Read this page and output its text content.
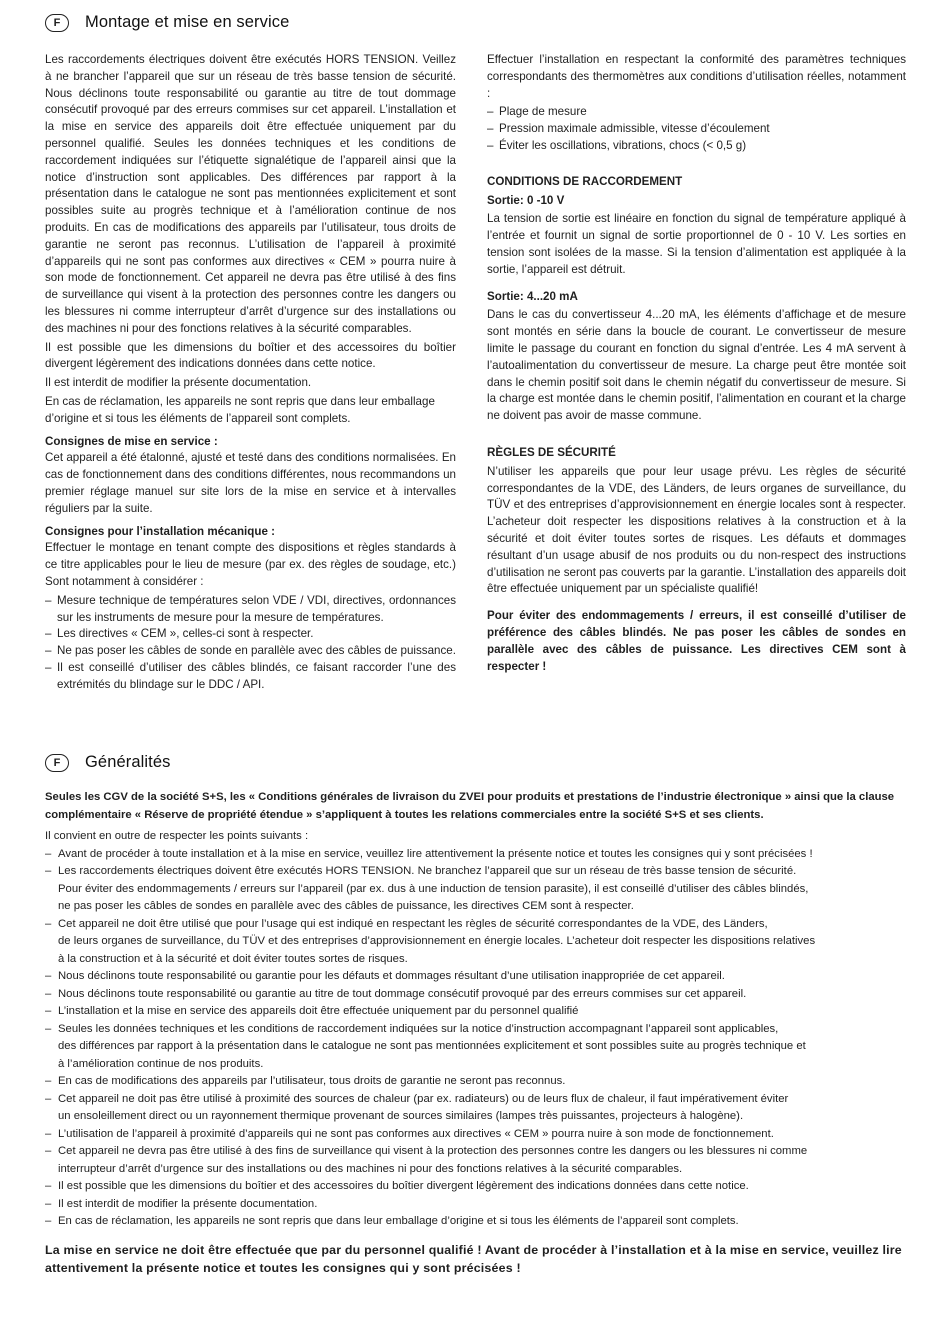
F	Montage et mise en service

Les raccordements électriques doivent être exécutés HORS TENSION. Veillez à ne brancher l’appareil que sur un réseau de très basse tension de sécurité. Nous déclinons toute responsabilité ou garantie au titre de tout dommage consécutif provoqué par des erreurs commises sur cet appareil. L’installation et la mise en service des appareils doit être effectuée uniquement par du personnel qualifié. Seules les données techniques et les conditions de raccordement indiquées sur l’étiquette signalétique de l’appareil ainsi que la notice d’instruction sont applicables. Des différences par rapport à la présentation dans le catalogue ne sont pas mentionnées explicitement et sont possibles suite au progrès technique et à l’amélioration continue de nos produits. En cas de modifications des appareils par l’utilisateur, tous droits de garantie ne seront pas reconnus. L’utilisation de l’appareil à proximité d’appareils qui ne sont pas conformes aux directives « CEM » pourra nuire à son mode de fonctionnement. Cet appareil ne devra pas être utilisé à des fins de surveillance qui visent à la protection des personnes contre les dangers ou les blessures ni comme interrupteur d’arrêt d’urgence sur des installations ou des machines ni pour des fonctions relatives à la sécurité comparables.

Il est possible que les dimensions du boîtier et des accessoires du boîtier divergent légèrement des indications données dans cette notice.

Il est interdit de modifier la présente documentation.

En cas de réclamation, les appareils ne sont repris que dans leur emballage d’origine et si tous les éléments de l’appareil sont complets.

Consignes de mise en service :

Cet appareil a été étalonné, ajusté et testé dans des conditions normalisées. En cas de fonctionnement dans des conditions différentes, nous recommandons un premier réglage manuel sur site lors de la mise en service et à intervalles réguliers par la suite.

Consignes pour l’installation mécanique :

Effectuer le montage en tenant compte des dispositions et règles standards à ce titre applicables pour le lieu de mesure (par ex. des règles de soudage, etc.) Sont notamment à considérer :

– Mesure technique de températures selon VDE / VDI, directives, ordonnances sur les instruments de mesure pour la mesure de températures.
– Les directives « CEM », celles-ci sont à respecter.
– Ne pas poser les câbles de sonde en parallèle avec des câbles de puissance.
– Il est conseillé d’utiliser des câbles blindés, ce faisant raccorder l’une des extrémités du blindage sur le DDC / API.

Effectuer l’installation en respectant la conformité des paramètres techniques correspondants des thermomètres aux conditions d’utilisation réelles, notamment :

– Plage de mesure
– Pression maximale admissible, vitesse d’écoulement
– Éviter les oscillations, vibrations, chocs (< 0,5 g)

CONDITIONS DE RACCORDEMENT

Sortie: 0 -10 V

La tension de sortie est linéaire en fonction du signal de température appliqué à l’entrée et fournit un signal de sortie proportionnel de 0 - 10 V. Les sorties en tension sont isolées de la masse. Si la tension d’alimentation est appliquée à la sortie, l’appareil est détruit.

Sortie: 4...20 mA

Dans le cas du convertisseur 4...20 mA, les éléments d’affichage et de mesure sont montés en série dans la boucle de courant. Le convertisseur de mesure limite le passage du courant en fonction du signal d’entrée. Les 4 mA servent à l’autoalimentation du convertisseur de mesure. La charge peut être montée soit dans le chemin positif soit dans le chemin négatif du convertisseur de mesure. Si la charge est montée dans le chemin positif, l’alimentation en courant et la charge ne doivent pas avoir de masse commune.

RÈGLES DE SÉCURITÉ

N’utiliser les appareils que pour leur usage prévu. Les règles de sécurité correspondantes de la VDE, des Länders, de leurs organes de surveillance, du TÜV et des entreprises d’approvisionnement en énergie locales sont à respecter. L’acheteur doit respecter les dispositions relatives à la construction et à la sécurité et doit éviter toutes sortes de risques. Les défauts et dommages résultant d’un usage abusif de nos produits ou du non-respect des instructions d’utilisation ne seront pas couverts par la garantie. L’installation des appareils doit être effectuée uniquement par un spécialiste qualifié!

Pour éviter des endommagements / erreurs, il est conseillé d’utiliser de préférence des câbles blindés. Ne pas poser les câbles de sondes en parallèle avec des câbles de puissance. Les directives CEM sont à respecter !

F	Généralités

Seules les CGV de la société S+S, les « Conditions générales de livraison du ZVEI pour produits et prestations de l’industrie électronique » ainsi que la clause complémentaire « Réserve de propriété étendue » s’appliquent à toutes les relations commerciales entre la société S+S et ses clients.

Il convient en outre de respecter les points suivants :

– Avant de procéder à toute installation et à la mise en service, veuillez lire attentivement la présente notice et toutes les consignes qui y sont précisées !
– Les raccordements électriques doivent être exécutés HORS TENSION. Ne branchez l’appareil que sur un réseau de très basse tension de sécurité.
Pour éviter des endommagements / erreurs sur l’appareil (par ex. dus à une induction de tension parasite), il est conseillé d’utiliser des câbles blindés,
ne pas poser les câbles de sondes en parallèle avec des câbles de puissance, les directives CEM sont à respecter.
– Cet appareil ne doit être utilisé que pour l’usage qui est indiqué en respectant les règles de sécurité correspondantes de la VDE, des Länders,
de leurs organes de surveillance, du TÜV et des entreprises d’approvisionnement en énergie locales. L’acheteur doit respecter les dispositions relatives
à la construction et à la sécurité et doit éviter toutes sortes de risques.
– Nous déclinons toute responsabilité ou garantie pour les défauts et dommages résultant d’une utilisation inappropriée de cet appareil.
– Nous déclinons toute responsabilité ou garantie au titre de tout dommage consécutif provoqué par des erreurs commises sur cet appareil.
– L’installation et la mise en service des appareils doit être effectuée uniquement par du personnel qualifié
– Seules les données techniques et les conditions de raccordement indiquées sur la notice d’instruction accompagnant l’appareil sont applicables,
des différences par rapport à la présentation dans le catalogue ne sont pas mentionnées explicitement et sont possibles suite au progrès technique et
à l’amélioration continue de nos produits.
– En cas de modifications des appareils par l’utilisateur, tous droits de garantie ne seront pas reconnus.
– Cet appareil ne doit pas être utilisé à proximité des sources de chaleur (par ex. radiateurs) ou de leurs flux de chaleur, il faut impérativement éviter
un ensoleillement direct ou un rayonnement thermique provenant de sources similaires (lampes très puissantes, projecteurs à halogène).
– L’utilisation de l’appareil à proximité d’appareils qui ne sont pas conformes aux directives « CEM » pourra nuire à son mode de fonctionnement.
– Cet appareil ne devra pas être utilisé à des fins de surveillance qui visent à la protection des personnes contre les dangers ou les blessures ni comme
interrupteur d’arrêt d’urgence sur des installations ou des machines ni pour des fonctions relatives à la sécurité comparables.
– Il est possible que les dimensions du boîtier et des accessoires du boîtier divergent légèrement des indications données dans cette notice.
– Il est interdit de modifier la présente documentation.
– En cas de réclamation, les appareils ne sont repris que dans leur emballage d’origine et si tous les éléments de l’appareil sont complets.

La mise en service ne doit être effectuée que par du personnel qualifié ! Avant de procéder à l’installation et à la mise en service, veuillez lire attentivement la présente notice et toutes les consignes qui y sont précisées !
